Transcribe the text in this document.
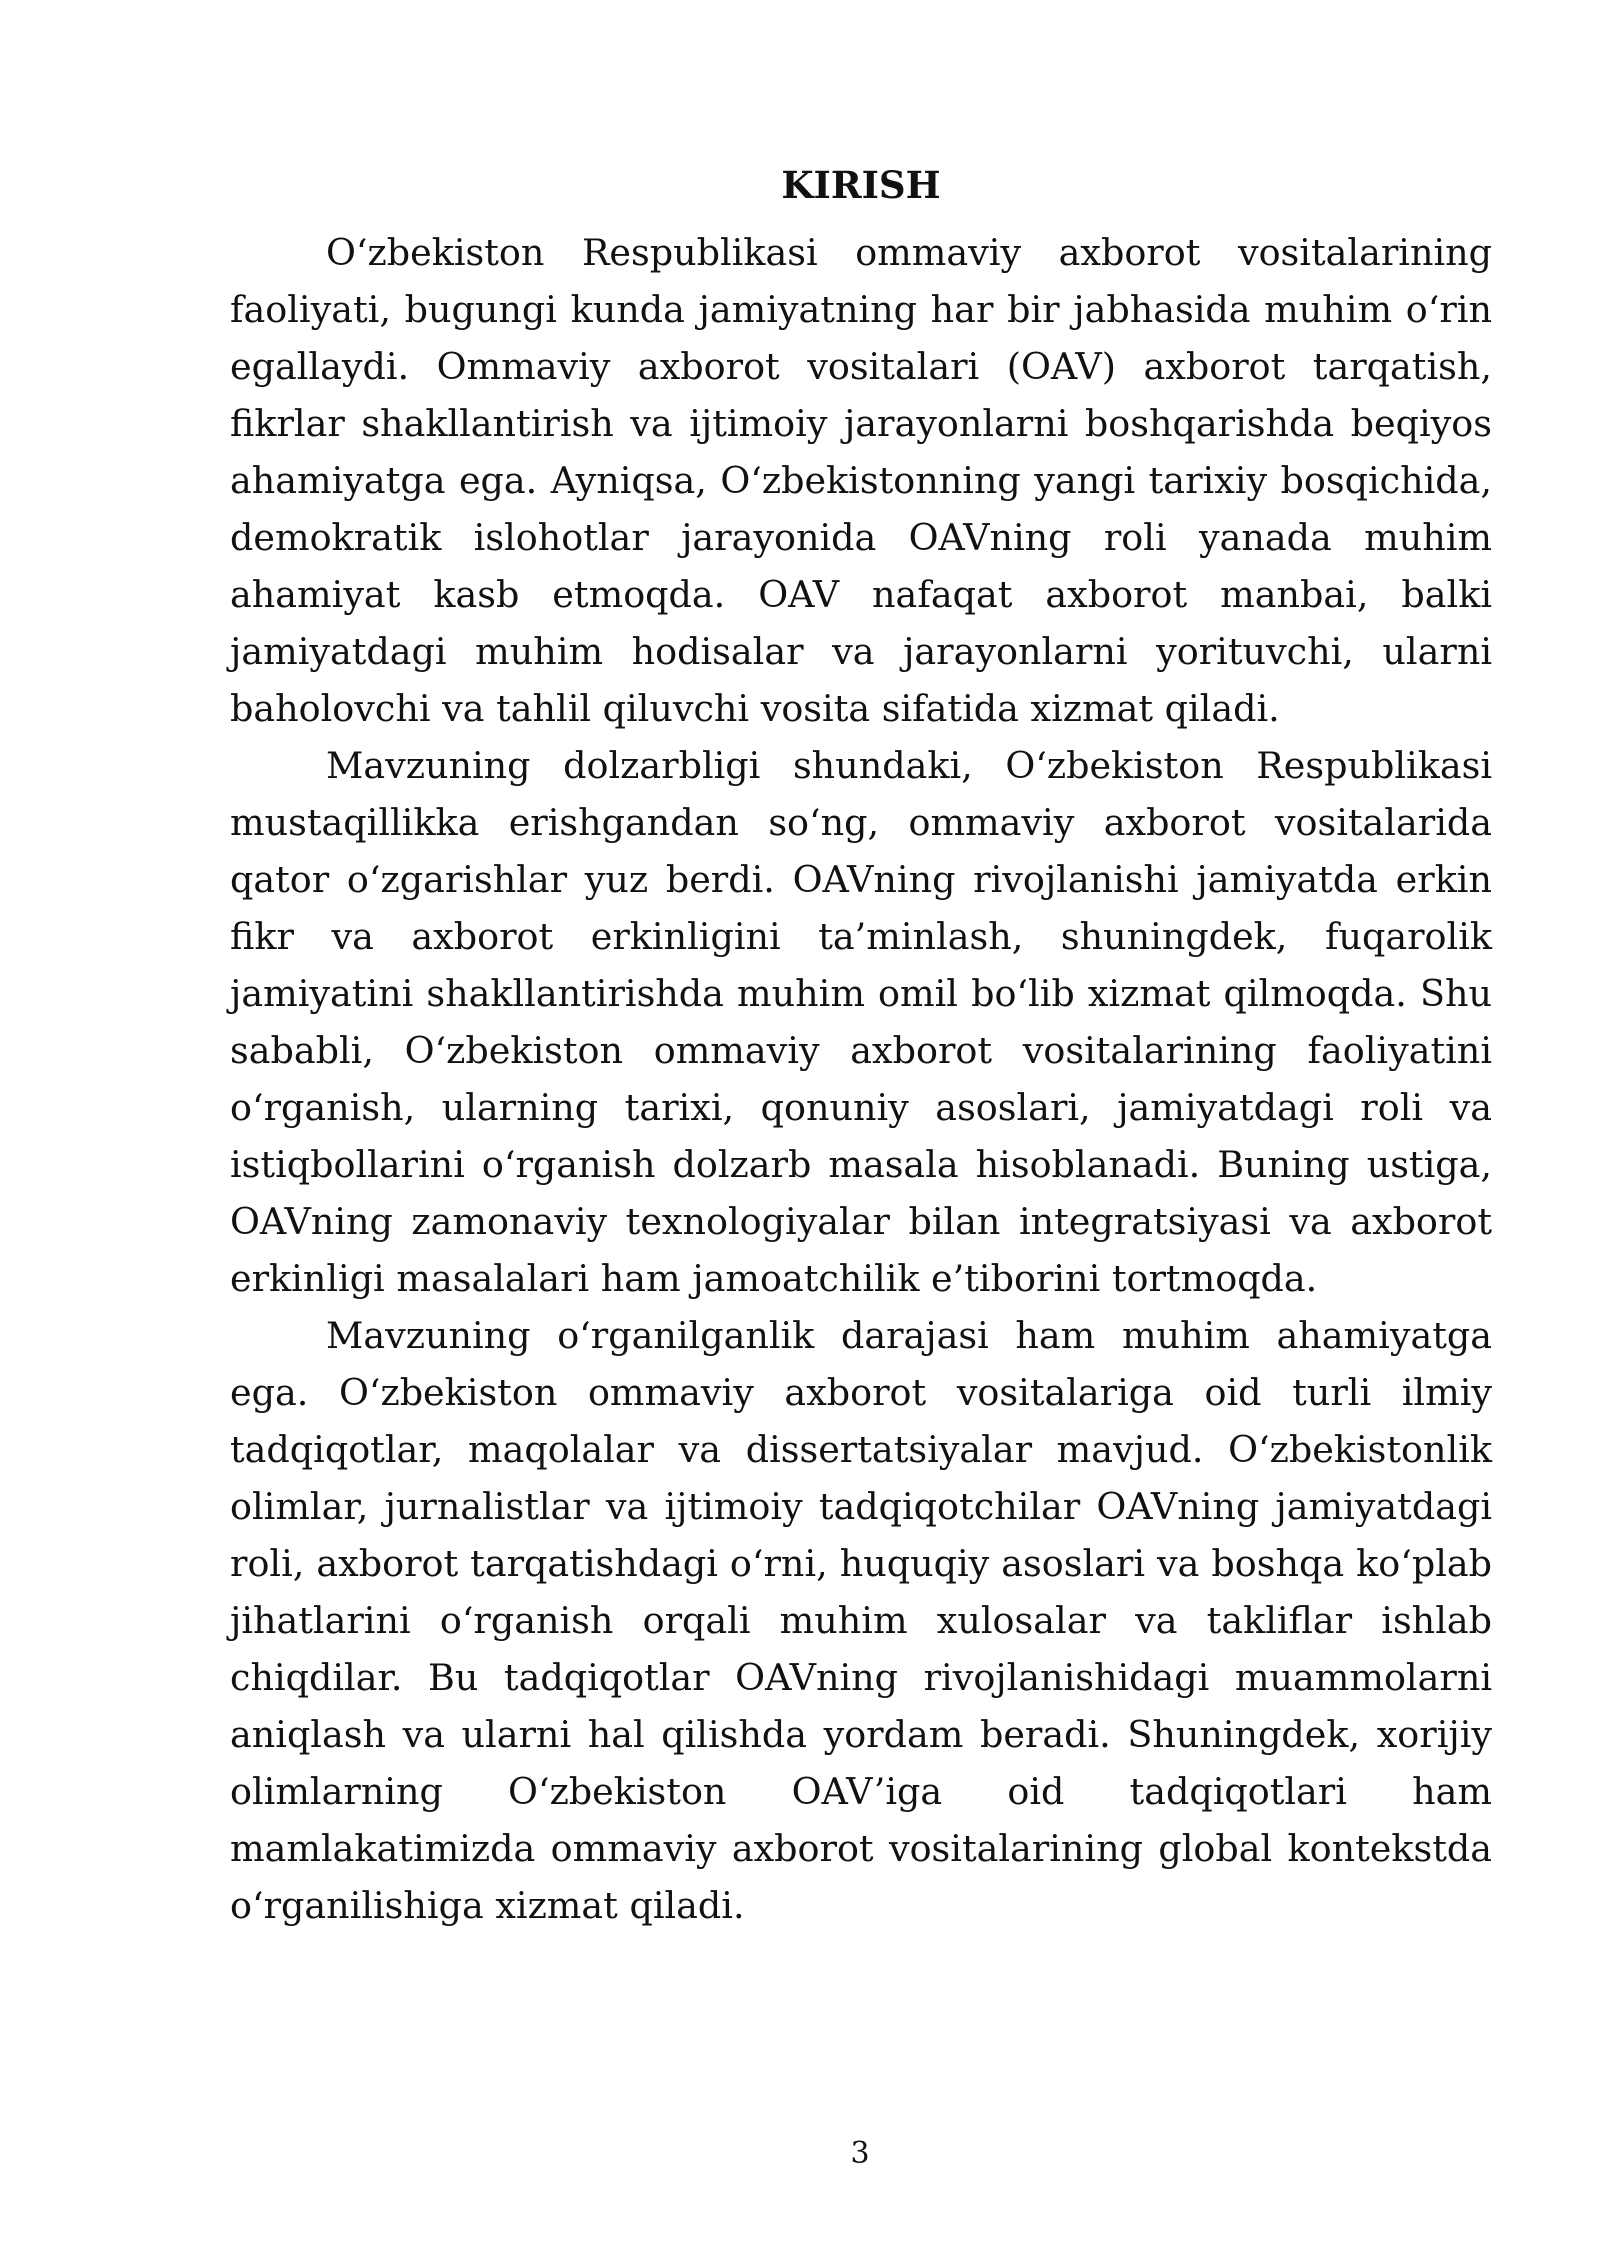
KIRISH

O‘zbekiston Respublikasi ommaviy axborot vositalarining faoliyati, bugungi kunda jamiyatning har bir jabhasida muhim o‘rin egallaydi. Ommaviy axborot vositalari (OAV) axborot tarqatish, fikrlar shakllantirish va ijtimoiy jarayonlarni boshqarishda beqiyos ahamiyatga ega. Ayniqsa, O‘zbekistonning yangi tarixiy bosqichida, demokratik islohotlar jarayonida OAVning roli yanada muhim ahamiyat kasb etmoqda. OAV nafaqat axborot manbai, balki jamiyatdagi muhim hodisalar va jarayonlarni yorituvchi, ularni baholovchi va tahlil qiluvchi vosita sifatida xizmat qiladi.

Mavzuning dolzarbligi shundaki, O‘zbekiston Respublikasi mustaqillikka erishgandan so‘ng, ommaviy axborot vositalarida qator o‘zgarishlar yuz berdi. OAVning rivojlanishi jamiyatda erkin fikr va axborot erkinligini ta’minlash, shuningdek, fuqarolik jamiyatini shakllantirishda muhim omil bo‘lib xizmat qilmoqda. Shu sababli, O‘zbekiston ommaviy axborot vositalarining faoliyatini o‘rganish, ularning tarixi, qonuniy asoslari, jamiyatdagi roli va istiqbollarini o‘rganish dolzarb masala hisoblanadi. Buning ustiga, OAVning zamonaviy texnologiyalar bilan integratsiyasi va axborot erkinligi masalalari ham jamoatchilik e’tiborini tortmoqda.

Mavzuning o‘rganilganlik darajasi ham muhim ahamiyatga ega. O‘zbekiston ommaviy axborot vositalariga oid turli ilmiy tadqiqotlar, maqolalar va dissertatsiyalar mavjud. O‘zbekistonlik olimlar, jurnalistlar va ijtimoiy tadqiqotchilar OAVning jamiyatdagi roli, axborot tarqatishdagi o‘rni, huquqiy asoslari va boshqa ko‘plab jihatlarini o‘rganish orqali muhim xulosalar va takliflar ishlab chiqdilar. Bu tadqiqotlar OAVning rivojlanishidagi muammolarni aniqlash va ularni hal qilishda yordam beradi. Shuningdek, xorijiy olimlarning O‘zbekiston OAV’iga oid tadqiqotlari ham mamlakatimizda ommaviy axborot vositalarining global kontekstda o‘rganilishiga xizmat qiladi.

3
